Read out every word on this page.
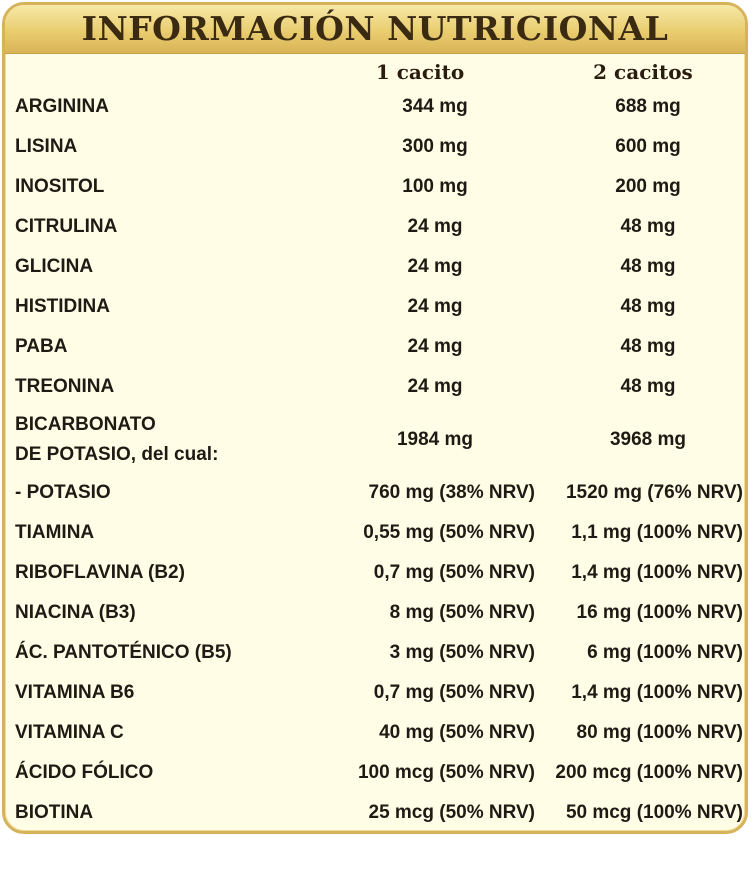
INFORMACIÓN NUTRICIONAL
1 cacito	2 cacitos
ARGININA	344 mg	688 mg
LISINA	300 mg	600 mg
INOSITOL	100 mg	200 mg
CITRULINA	24 mg	48 mg
GLICINA	24 mg	48 mg
HISTIDINA	24 mg	48 mg
PABA	24 mg	48 mg
TREONINA	24 mg	48 mg
BICARBONATO
DE POTASIO, del cual:
1984 mg	3968 mg
- POTASIO	760 mg (38% NRV)	1520 mg (76% NRV)
TIAMINA	0,55 mg (50% NRV)	1,1 mg (100% NRV)
RIBOFLAVINA (B2)	0,7 mg (50% NRV)	1,4 mg (100% NRV)
NIACINA (B3)	8 mg (50% NRV)	16 mg (100% NRV)
ÁC. PANTOTÉNICO (B5)	3 mg (50% NRV)	6 mg (100% NRV)
VITAMINA B6	0,7 mg (50% NRV)	1,4 mg (100% NRV)
VITAMINA C	40 mg (50% NRV)	80 mg (100% NRV)
ÁCIDO FÓLICO	100 mcg (50% NRV)	200 mcg (100% NRV)
BIOTINA	25 mcg (50% NRV)	50 mcg (100% NRV)
